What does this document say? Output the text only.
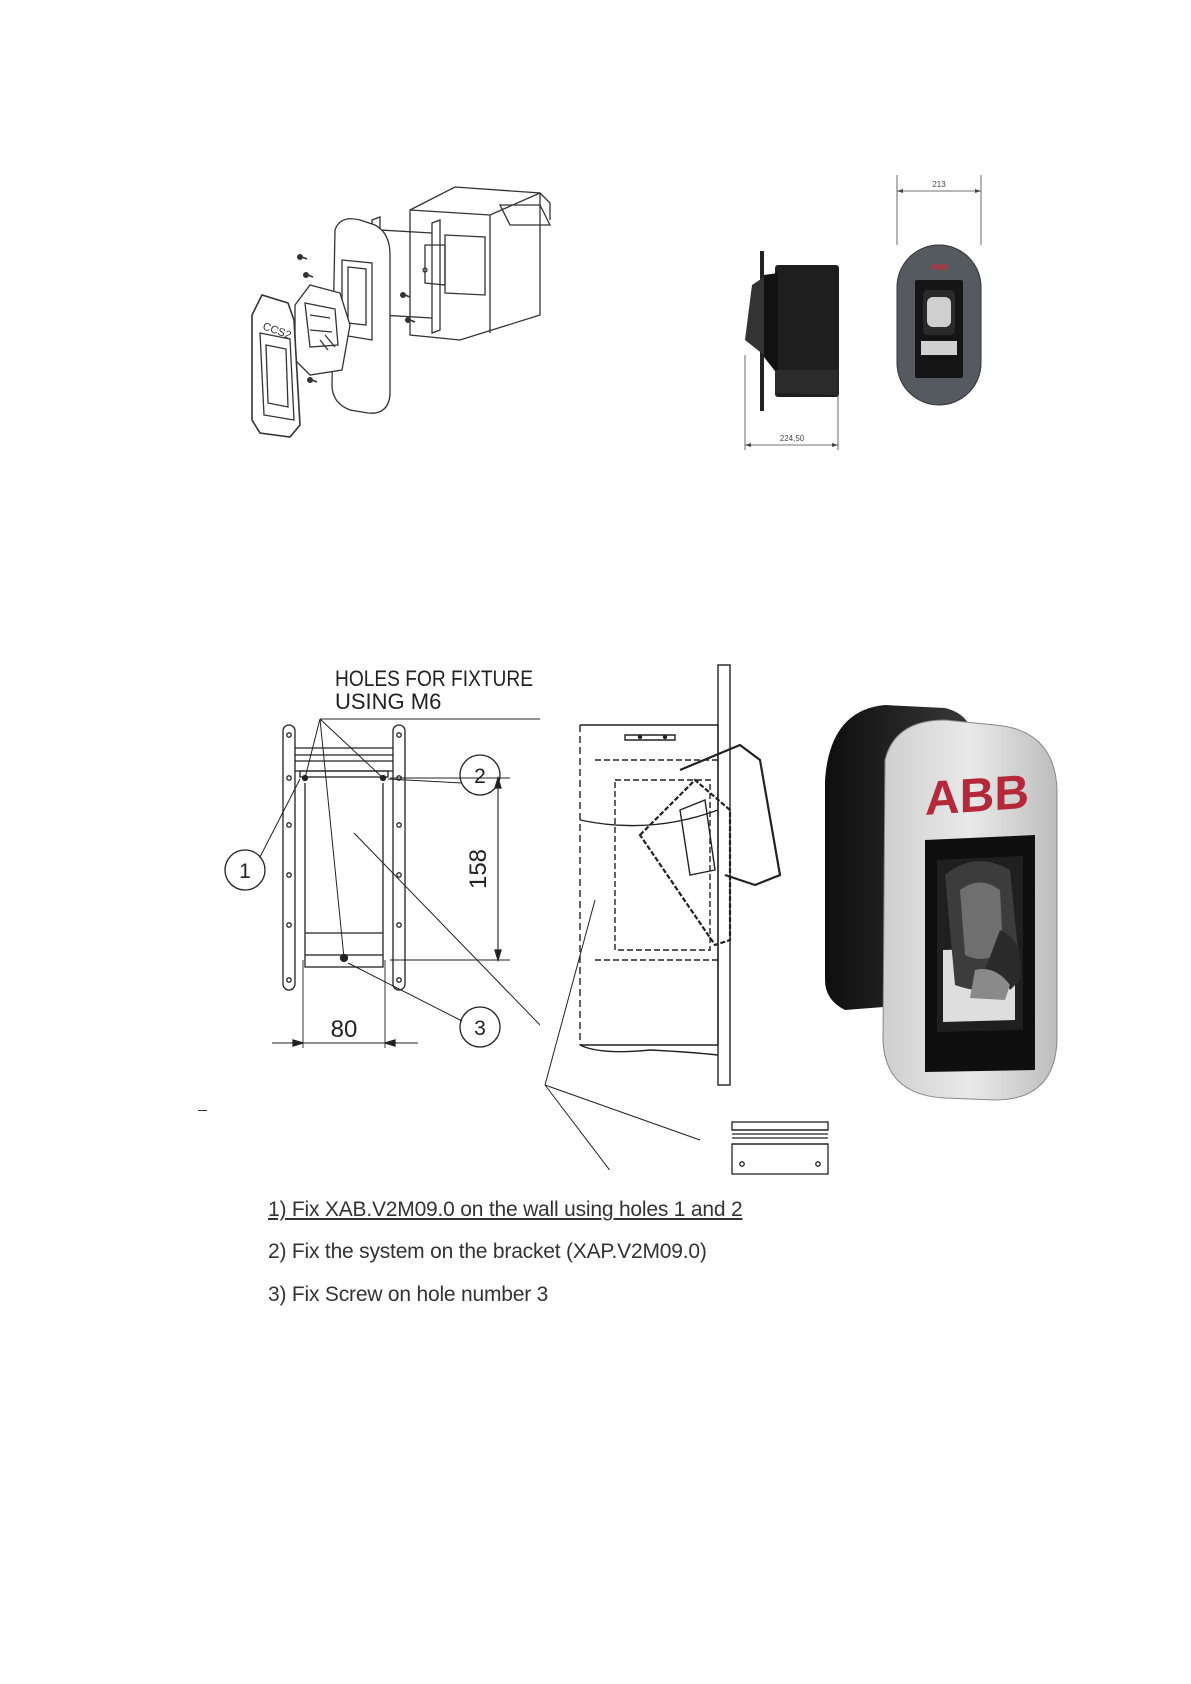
CCS2
224,50
213
ABB
HOLES FOR FIXTURE
USING M6
1
2
3
158
80
ABB
1) Fix XAB.V2M09.0 on the wall using holes 1 and 2
2) Fix the system on the bracket (XAP.V2M09.0)
3) Fix Screw on hole number 3
